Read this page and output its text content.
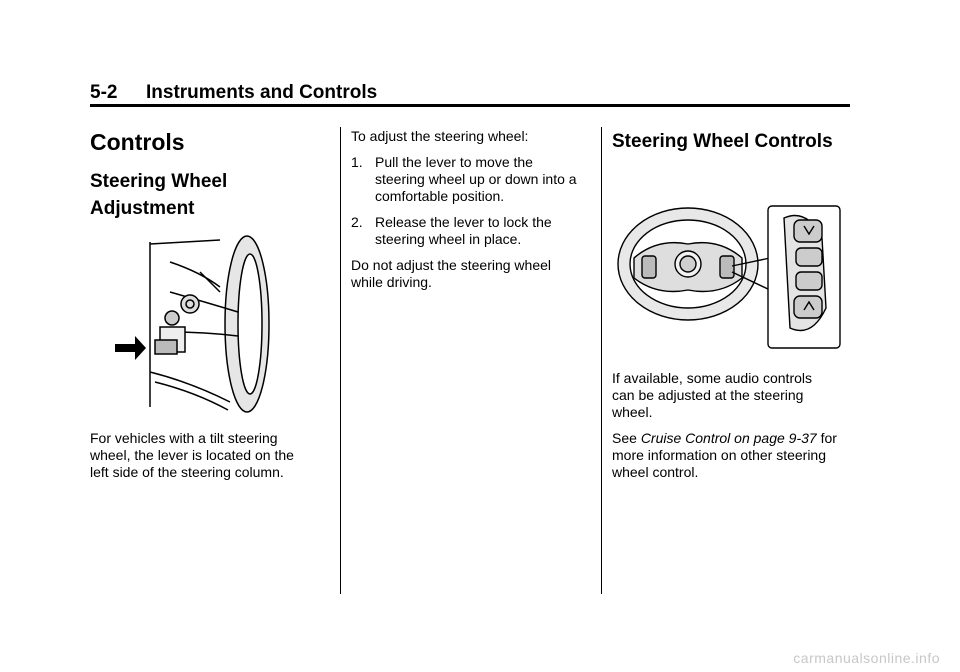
5-2 Instruments and Controls
Controls
Steering Wheel
Adjustment

For vehicles with a tilt steering

wheel, the lever is located on the

left side of the steering column.

To adjust the steering wheel:

1. Pull the lever to move the
steering wheel up or down into a
comfortable position.
2. Release the lever to lock the
steering wheel in place.

Do not adjust the steering wheel

while driving.

Steering Wheel Controls

If available, some audio controls

can be adjusted at the steering

wheel.

See Cruise Control on page 9-37 for

more information on other steering

wheel control.

carmanualsonline.info
